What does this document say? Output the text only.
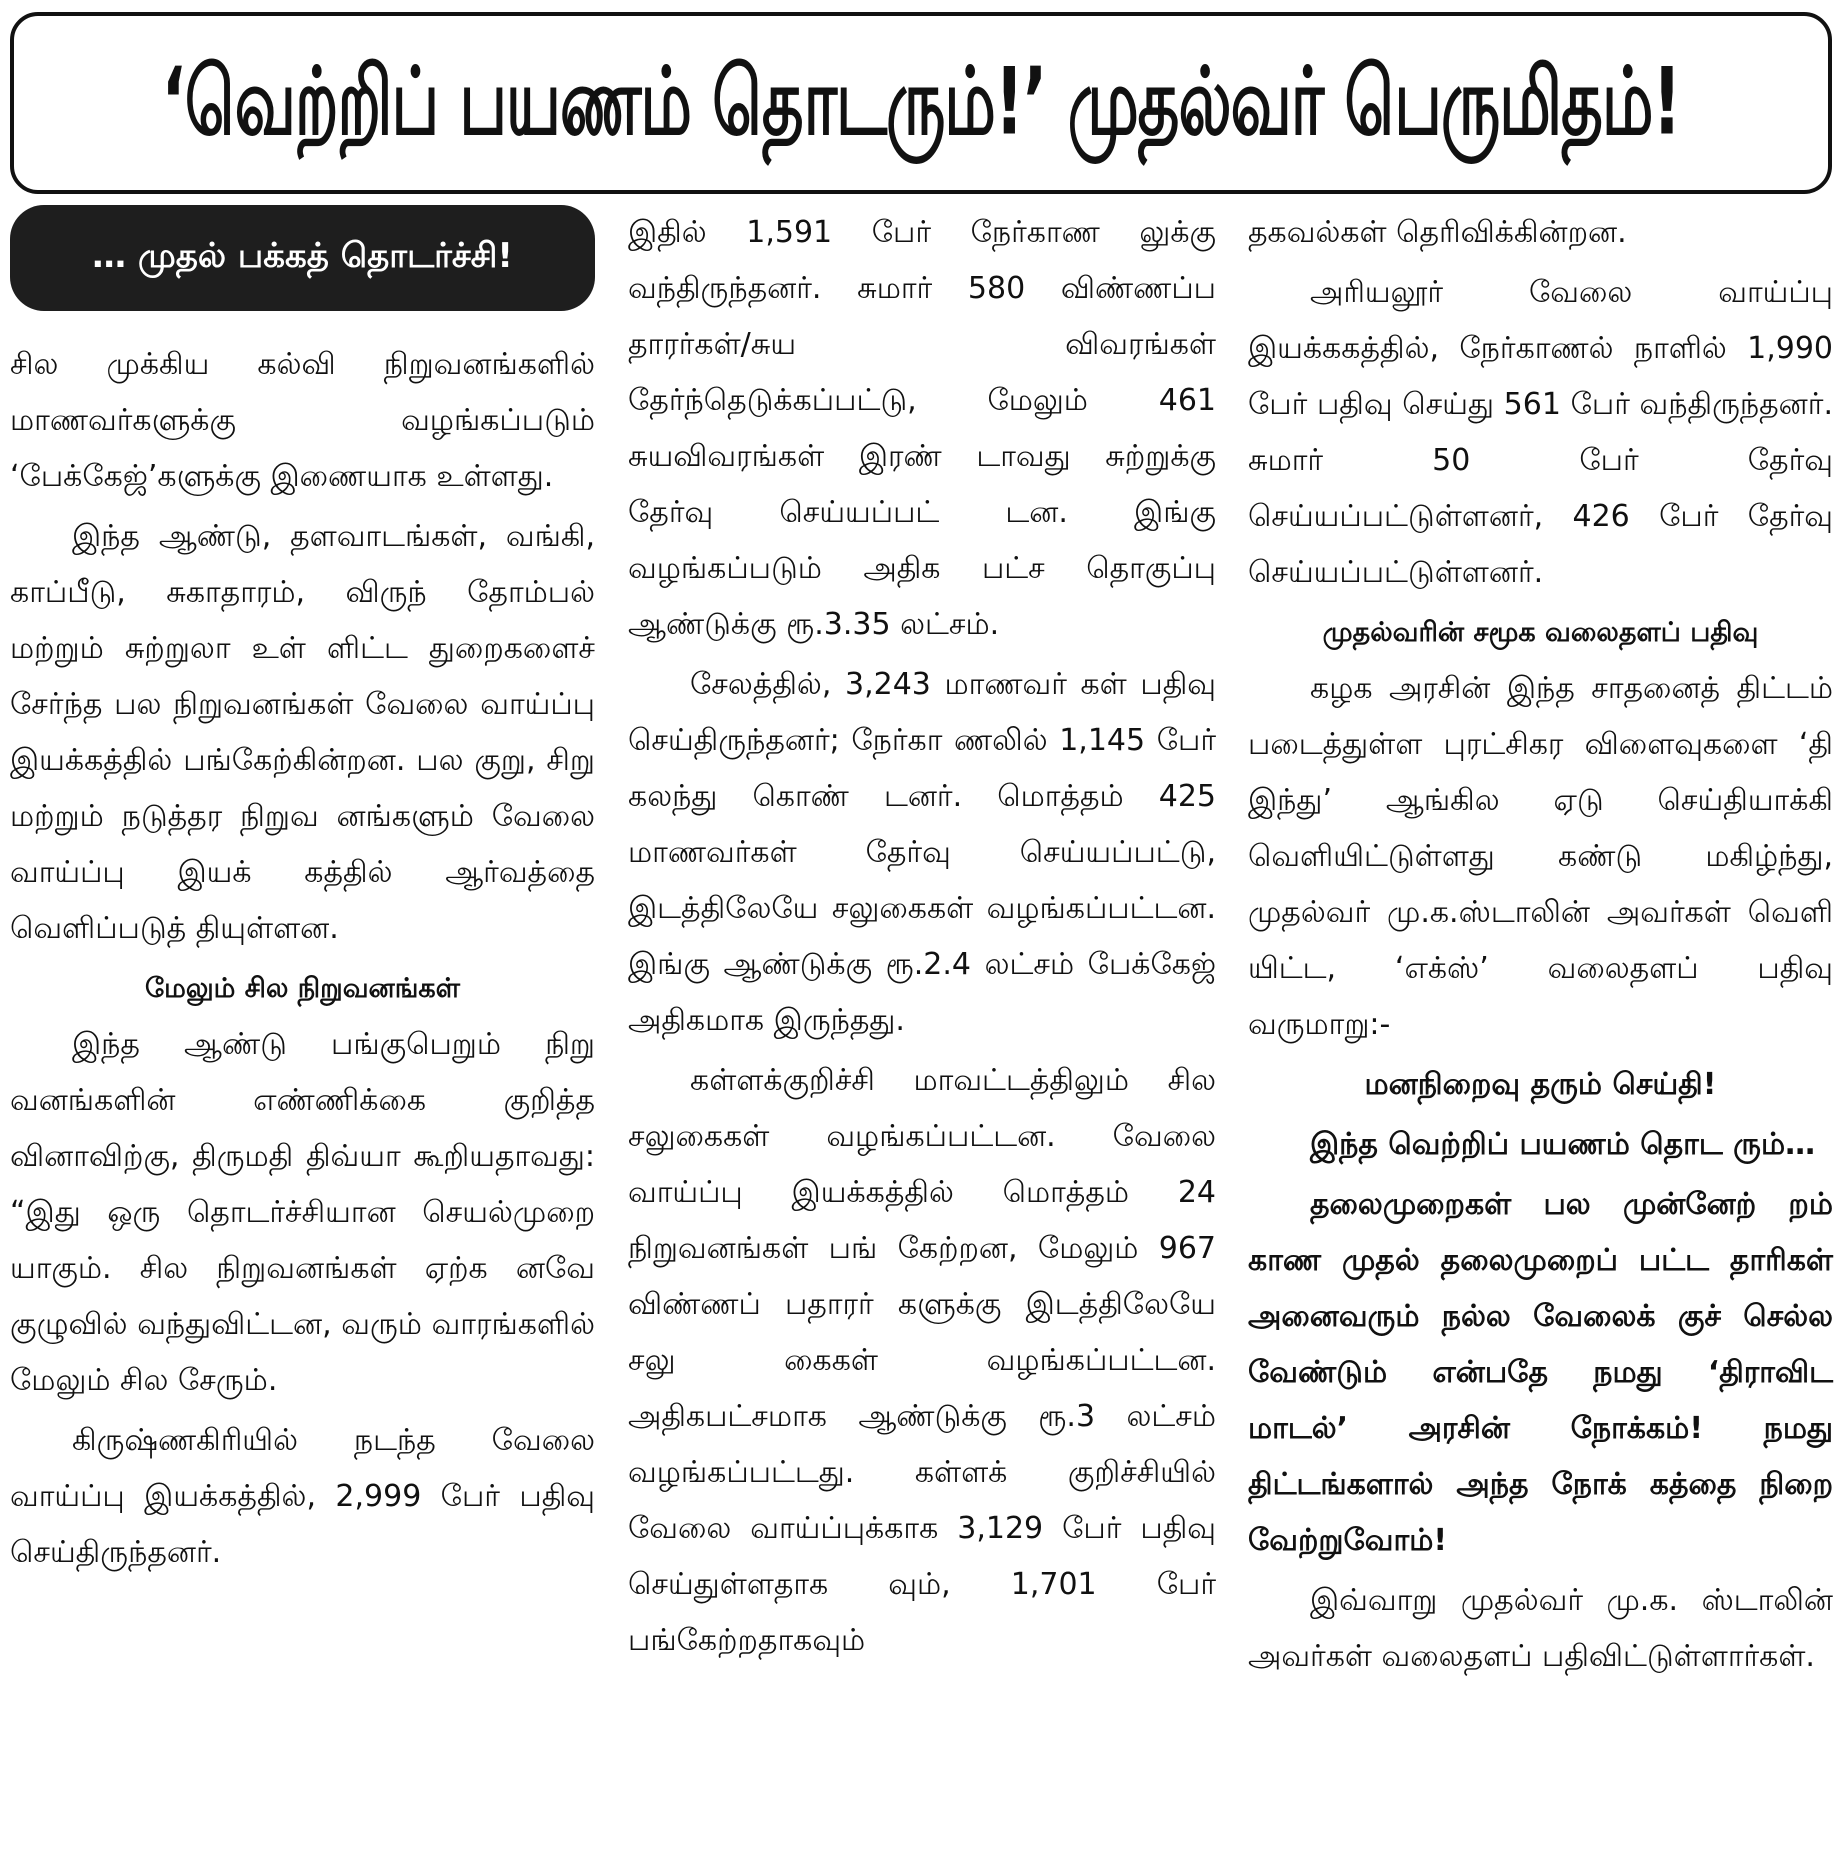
‘வெற்றிப் பயணம் தொடரும்!’ முதல்வர் பெருமிதம்!
… முதல் பக்கத் தொடர்ச்சி!

சில முக்கிய கல்வி நிறுவனங்களில் மாணவர்களுக்கு வழங்கப்படும் ‘பேக்கேஜ்’களுக்கு இணையாக உள்ளது.

இந்த ஆண்டு, தளவாடங்கள், வங்கி, காப்பீடு, சுகாதாரம், விருந் தோம்பல் மற்றும் சுற்றுலா உள் ளிட்ட துறைகளைச் சேர்ந்த பல நிறுவனங்கள் வேலை வாய்ப்பு இயக்கத்தில் பங்கேற்கின்றன. பல குறு, சிறு மற்றும் நடுத்தர நிறுவ னங்களும் வேலை வாய்ப்பு இயக் கத்தில் ஆர்வத்தை வெளிப்படுத் தியுள்ளன.

மேலும் சில நிறுவனங்கள்

இந்த ஆண்டு பங்குபெறும் நிறு வனங்களின் எண்ணிக்கை குறித்த வினாவிற்கு, திருமதி திவ்யா கூறியதாவது: “இது ஒரு தொடர்ச்சியான செயல்முறை யாகும். சில நிறுவனங்கள் ஏற்க னவே குழுவில் வந்துவிட்டன, வரும் வாரங்களில் மேலும் சில சேரும்.

கிருஷ்ணகிரியில் நடந்த வேலை வாய்ப்பு இயக்கத்தில், 2,999 பேர் பதிவு செய்திருந்தனர்.

இதில் 1,591 பேர் நேர்காண லுக்கு வந்திருந்தனர். சுமார் 580 விண்ணப்ப தாரர்கள்/சுய விவரங்கள் தேர்ந்தெடுக்கப்பட்டு, மேலும் 461 சுயவிவரங்கள் இரண் டாவது சுற்றுக்கு தேர்வு செய்யப்பட் டன. இங்கு வழங்கப்படும் அதிக பட்ச தொகுப்பு ஆண்டுக்கு ரூ.3.35 லட்சம்.

சேலத்தில், 3,243 மாணவர் கள் பதிவு செய்திருந்தனர்; நேர்கா ணலில் 1,145 பேர் கலந்து கொண் டனர். மொத்தம் 425 மாணவர்கள் தேர்வு செய்யப்பட்டு, இடத்திலேயே சலுகைகள் வழங்கப்பட்டன. இங்கு ஆண்டுக்கு ரூ.2.4 லட்சம் பேக்கேஜ் அதிகமாக இருந்தது.

கள்ளக்குறிச்சி மாவட்டத்திலும் சில சலுகைகள் வழங்கப்பட்டன. வேலை வாய்ப்பு இயக்கத்தில் மொத்தம் 24 நிறுவனங்கள் பங் கேற்றன, மேலும் 967 விண்ணப் பதாரர் களுக்கு இடத்திலேயே சலு கைகள் வழங்கப்பட்டன. அதிகபட்சமாக ஆண்டுக்கு ரூ.3 லட்சம் வழங்கப்பட்டது. கள்ளக் குறிச்சியில் வேலை வாய்ப்புக்காக 3,129 பேர் பதிவு செய்துள்ளதாக வும், 1,701 பேர் பங்கேற்றதாகவும்

தகவல்கள் தெரிவிக்கின்றன.

அரியலூர் வேலை வாய்ப்பு இயக்ககத்தில், நேர்காணல் நாளில் 1,990 பேர் பதிவு செய்து 561 பேர் வந்திருந்தனர். சுமார் 50 பேர் தேர்வு செய்யப்பட்டுள்ளனர், 426 பேர் தேர்வு செய்யப்பட்டுள்ளனர்.

முதல்வரின் சமூக வலைதளப் பதிவு

கழக அரசின் இந்த சாதனைத் திட்டம் படைத்துள்ள புரட்சிகர விளைவுகளை ‘தி இந்து’ ஆங்கில ஏடு செய்தியாக்கி வெளியிட்டுள்ளது கண்டு மகிழ்ந்து, முதல்வர் மு.க.ஸ்டாலின் அவர்கள் வெளி யிட்ட, ‘எக்ஸ்’ வலைதளப் பதிவு வருமாறு:-

மனநிறைவு தரும் செய்தி!

இந்த வெற்றிப் பயணம் தொட ரும்…

தலைமுறைகள் பல முன்னேற் றம் காண முதல் தலைமுறைப் பட்ட தாரிகள் அனைவரும் நல்ல வேலைக் குச் செல்ல வேண்டும் என்பதே நமது ‘திராவிட மாடல்’ அரசின் நோக்கம்! நமது திட்டங்களால் அந்த நோக் கத்தை நிறை வேற்றுவோம்!

இவ்வாறு முதல்வர் மு.க. ஸ்டாலின் அவர்கள் வலைதளப் பதிவிட்டுள்ளார்கள்.
